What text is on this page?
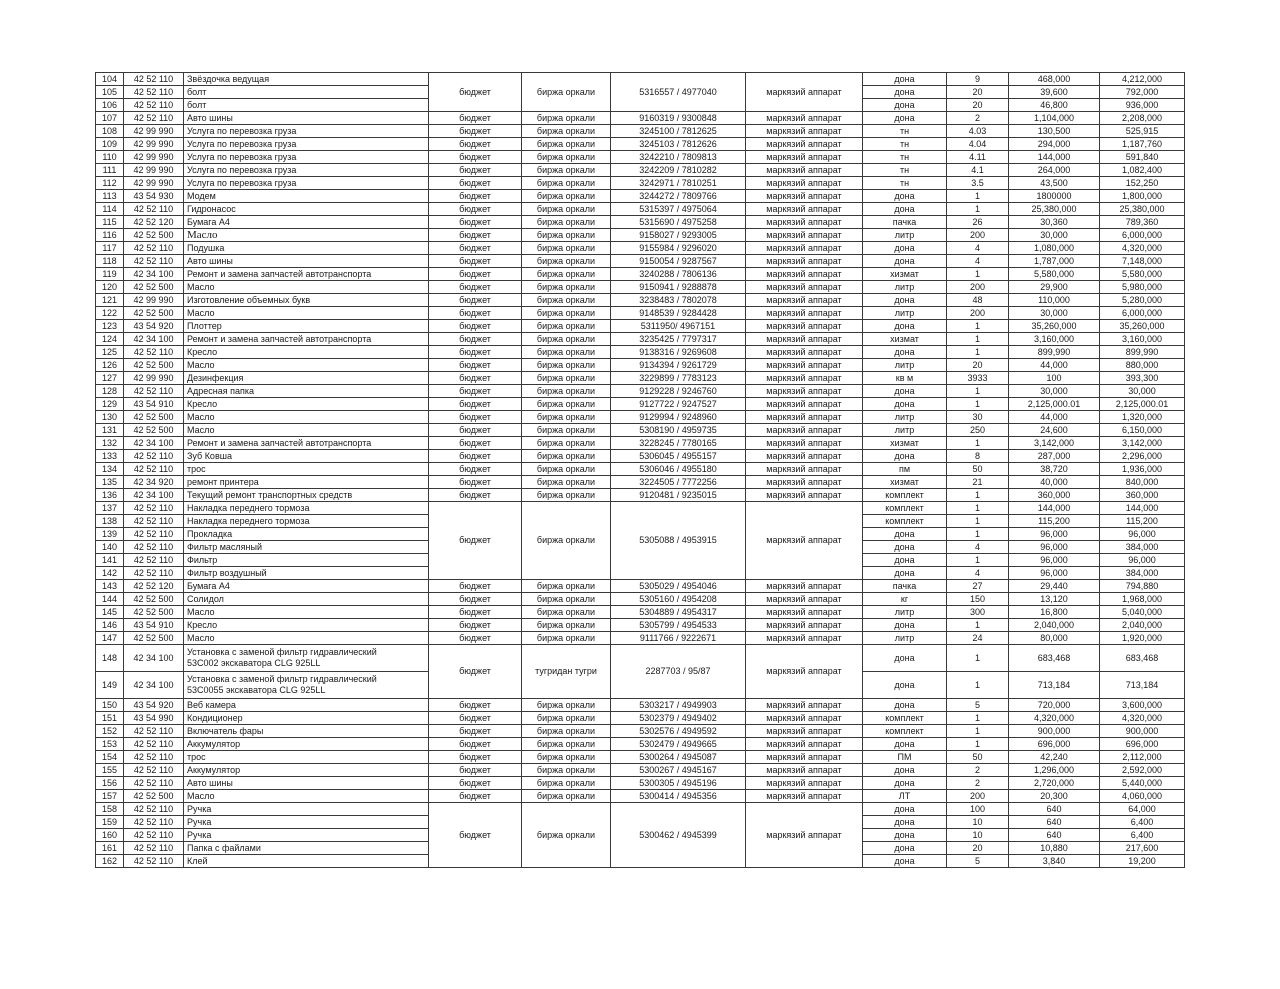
104	42 52 110	Звёздочка ведущая	бюджет	биржа оркали	5316557 / 4977040	маркязий аппарат	дона	9	468,000	4,212,000
105	42 52 110	болт					дона	20	39,600	792,000
106	42 52 110	болт					дона	20	46,800	936,000
107	42 52 110	Авто шины	бюджет	биржа оркали	9160319 / 9300848	маркязий аппарат	дона	2	1,104,000	2,208,000
108	42 99 990	Услуга по перевозка груза	бюджет	биржа оркали	3245100 / 7812625	маркязий аппарат	тн	4.03	130,500	525,915
109	42 99 990	Услуга по перевозка груза	бюджет	биржа оркали	3245103 / 7812626	маркязий аппарат	тн	4.04	294,000	1,187,760
110	42 99 990	Услуга по перевозка груза	бюджет	биржа оркали	3242210 / 7809813	маркязий аппарат	тн	4.11	144,000	591,840
111	42 99 990	Услуга по перевозка груза	бюджет	биржа оркали	3242209 / 7810282	маркязий аппарат	тн	4.1	264,000	1,082,400
112	42 99 990	Услуга по перевозка груза	бюджет	биржа оркали	3242971 / 7810251	маркязий аппарат	тн	3.5	43,500	152,250
113	43 54 930	Модем	бюджет	биржа оркали	3244272 / 7809766	маркязий аппарат	дона	1	1800000	1,800,000
114	42 52 110	Гидронасос	бюджет	биржа оркали	5315397 / 4975064	маркязий аппарат	дона	1	25,380,000	25,380,000
115	42 52 120	Бумага А4	бюджет	биржа оркали	5315690 / 4975258	маркязий аппарат	пачка	26	30,360	789,360
116	42 52 500	Масло	бюджет	биржа оркали	9158027 / 9293005	маркязий аппарат	литр	200	30,000	6,000,000
117	42 52 110	Подушка	бюджет	биржа оркали	9155984 / 9296020	маркязий аппарат	дона	4	1,080,000	4,320,000
118	42 52 110	Авто шины	бюджет	биржа оркали	9150054 / 9287567	маркязий аппарат	дона	4	1,787,000	7,148,000
119	42 34 100	Ремонт и замена запчастей автотранспорта	бюджет	биржа оркали	3240288 / 7806136	маркязий аппарат	хизмат	1	5,580,000	5,580,000
120	42 52 500	Масло	бюджет	биржа оркали	9150941 / 9288878	маркязий аппарат	литр	200	29,900	5,980,000
121	42 99 990	Изготовление объемных букв	бюджет	биржа оркали	3238483 / 7802078	маркязий аппарат	дона	48	110,000	5,280,000
122	42 52 500	Масло	бюджет	биржа оркали	9148539 / 9284428	маркязий аппарат	литр	200	30,000	6,000,000
123	43 54 920	Плоттер	бюджет	биржа оркали	5311950/ 4967151	маркязий аппарат	дона	1	35,260,000	35,260,000
124	42 34 100	Ремонт и замена запчастей автотранспорта	бюджет	биржа оркали	3235425 / 7797317	маркязий аппарат	хизмат	1	3,160,000	3,160,000
125	42 52 110	Кресло	бюджет	биржа оркали	9138316 / 9269608	маркязий аппарат	дона	1	899,990	899,990
126	42 52 500	Масло	бюджет	биржа оркали	9134394 / 9261729	маркязий аппарат	литр	20	44,000	880,000
127	42 99 990	Дезинфекция	бюджет	биржа оркали	3229899 / 7783123	маркязий аппарат	кв м	3933	100	393,300
128	42 52 110	Адресная папка	бюджет	биржа оркали	9129228 / 9246760	маркязий аппарат	дона	1	30,000	30,000
129	43 54 910	Кресло	бюджет	биржа оркали	9127722 / 9247527	маркязий аппарат	дона	1	2,125,000.01	2,125,000.01
130	42 52 500	Масло	бюджет	биржа оркали	9129994 / 9248960	маркязий аппарат	литр	30	44,000	1,320,000
131	42 52 500	Масло	бюджет	биржа оркали	5308190 / 4959735	маркязий аппарат	литр	250	24,600	6,150,000
132	42 34 100	Ремонт и замена запчастей автотранспорта	бюджет	биржа оркали	3228245 / 7780165	маркязий аппарат	хизмат	1	3,142,000	3,142,000
133	42 52 110	Зуб Ковша	бюджет	биржа оркали	5306045 / 4955157	маркязий аппарат	дона	8	287,000	2,296,000
134	42 52 110	трос	бюджет	биржа оркали	5306046 / 4955180	маркязий аппарат	пм	50	38,720	1,936,000
135	42 34 920	ремонт принтера	бюджет	биржа оркали	3224505 / 7772256	маркязий аппарат	хизмат	21	40,000	840,000
136	42 34 100	Текущий ремонт транспортных средств	бюджет	биржа оркали	9120481 / 9235015	маркязий аппарат	комплект	1	360,000	360,000
137	42 52 110	Накладка переднего тормоза	бюджет	биржа оркали	5305088 / 4953915	маркязий аппарат	комплект	1	144,000	144,000
138	42 52 110	Накладка переднего тормоза					комплект	1	115,200	115,200
139	42 52 110	Прокладка					дона	1	96,000	96,000
140	42 52 110	Фильтр масляный					дона	4	96,000	384,000
141	42 52 110	Фильтр					дона	1	96,000	96,000
142	42 52 110	Фильтр воздушный					дона	4	96,000	384,000
143	42 52 120	Бумага А4	бюджет	биржа оркали	5305029 / 4954046	маркязий аппарат	пачка	27	29,440	794,880
144	42 52 500	Солидол	бюджет	биржа оркали	5305160 / 4954208	маркязий аппарат	кг	150	13,120	1,968,000
145	42 52 500	Масло	бюджет	биржа оркали	5304889 / 4954317	маркязий аппарат	литр	300	16,800	5,040,000
146	43 54 910	Кресло	бюджет	биржа оркали	5305799 / 4954533	маркязий аппарат	дона	1	2,040,000	2,040,000
147	42 52 500	Масло	бюджет	биржа оркали	9111766 / 9222671	маркязий аппарат	литр	24	80,000	1,920,000
148	42 34 100	Установка с заменой фильтр гидравлический
53C002 экскаватора CLG 925LL	бюджет	тугридан тугри	2287703 / 95/87	маркязий аппарат	дона	1	683,468	683,468
149	42 34 100	Установка с заменой фильтр гидравлический
53C0055 экскаватора CLG 925LL					дона	1	713,184	713,184
150	43 54 920	Веб камера	бюджет	биржа оркали	5303217 / 4949903	маркязий аппарат	дона	5	720,000	3,600,000
151	43 54 990	Кондиционер	бюджет	биржа оркали	5302379 / 4949402	маркязий аппарат	комплект	1	4,320,000	4,320,000
152	42 52 110	Включатель фары	бюджет	биржа оркали	5302576 / 4949592	маркязий аппарат	комплект	1	900,000	900,000
153	42 52 110	Аккумулятор	бюджет	биржа оркали	5302479 / 4949665	маркязий аппарат	дона	1	696,000	696,000
154	42 52 110	трос	бюджет	биржа оркали	5300264 / 4945087	маркязий аппарат	ПМ	50	42,240	2,112,000
155	42 52 110	Аккумулятор	бюджет	биржа оркали	5300267 / 4945167	маркязий аппарат	дона	2	1,296,000	2,592,000
156	42 52 110	Авто шины	бюджет	биржа оркали	5300305 / 4945196	маркязий аппарат	дона	2	2,720,000	5,440,000
157	42 52 500	Масло	бюджет	биржа оркали	5300414 / 4945356	маркязий аппарат	ЛТ	200	20,300	4,060,000
158	42 52 110	Ручка	бюджет	биржа оркали	5300462 / 4945399	маркязий аппарат	дона	100	640	64,000
159	42 52 110	Ручка					дона	10	640	6,400
160	42 52 110	Ручка					дона	10	640	6,400
161	42 52 110	Папка с файлами					дона	20	10,880	217,600
162	42 52 110	Клей					дона	5	3,840	19,200
